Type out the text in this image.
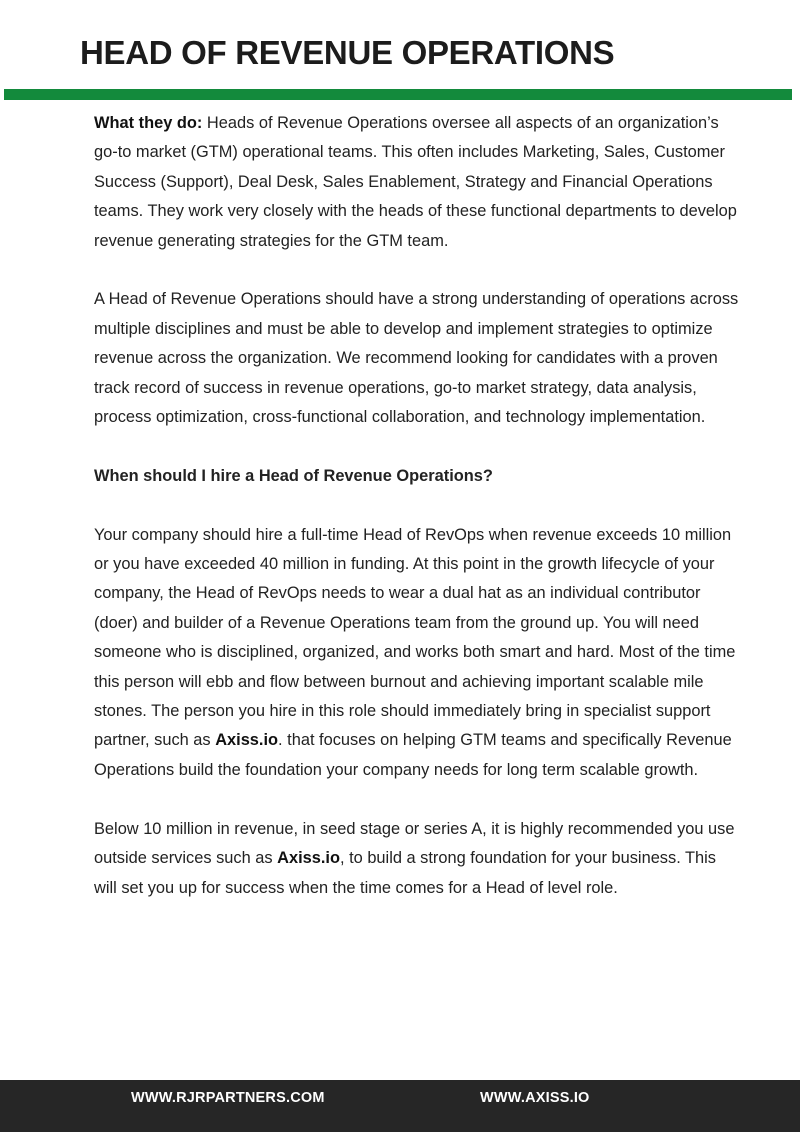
HEAD OF REVENUE OPERATIONS

What they do: Heads of Revenue Operations oversee all aspects of an organization’s go-to market (GTM) operational teams. This often includes Marketing, Sales, Customer Success (Support), Deal Desk, Sales Enablement, Strategy and Financial Operations teams. They work very closely with the heads of these functional departments to develop revenue generating strategies for the GTM team.

A Head of Revenue Operations should have a strong understanding of operations across multiple disciplines and must be able to develop and implement strategies to optimize revenue across the organization. We recommend looking for candidates with a proven track record of success in revenue operations, go-to market strategy, data analysis, process optimization, cross-functional collaboration, and technology implementation.

When should I hire a Head of Revenue Operations?

Your company should hire a full-time Head of RevOps when revenue exceeds 10 million or you have exceeded 40 million in funding. At this point in the growth lifecycle of your company, the Head of RevOps needs to wear a dual hat as an individual contributor (doer) and builder of a Revenue Operations team from the ground up. You will need someone who is disciplined, organized, and works both smart and hard. Most of the time this person will ebb and flow between burnout and achieving important scalable mile stones. The person you hire in this role should immediately bring in specialist support partner, such as Axiss.io. that focuses on helping GTM teams and specifically Revenue Operations build the foundation your company needs for long term scalable growth.

Below 10 million in revenue, in seed stage or series A, it is highly recommended you use outside services such as Axiss.io, to build a strong foundation for your business. This will set you up for success when the time comes for a Head of level role.

WWW.RJRPARTNERS.COM	WWW.AXISS.IO
